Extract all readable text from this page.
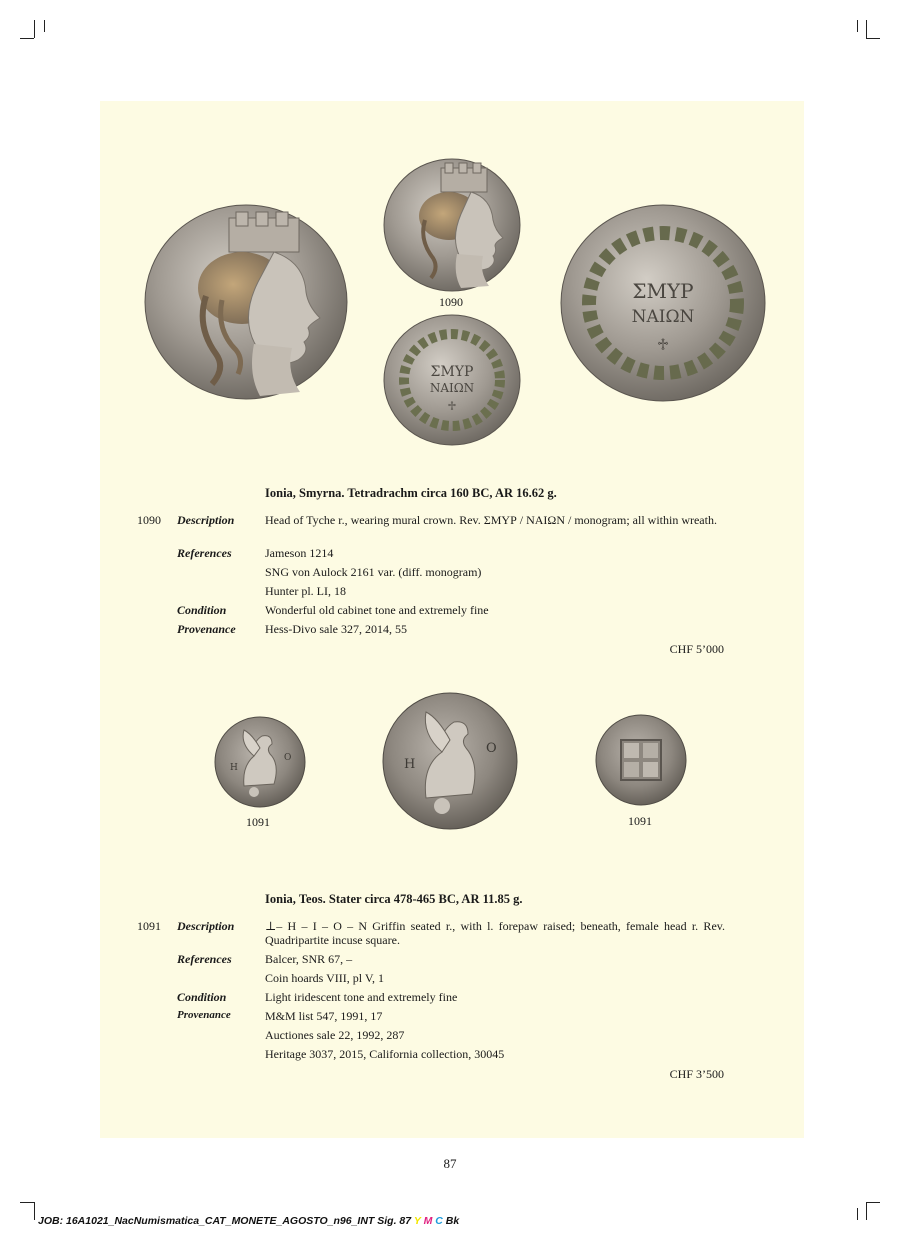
1090
ΣΜΥΡ
ΝΑΙΩΝ
♱
ΣΜΥΡ
ΝΑΙΩΝ
♱
Ionia, Smyrna. Tetradrachm circa 160 BC, AR 16.62 g.
1090 Description	Head of Tyche r., wearing mural crown. Rev. ΣΜΥΡ / ΝΑΙΩΝ / monogram; all within wreath.
References	Jameson 1214
SNG von Aulock 2161 var. (diff. monogram)
Hunter pl. LI, 18
Condition	Wonderful old cabinet tone and extremely fine
Provenance Hess-Divo sale 327, 2014, 55
CHF 5’000
O
H
O
H
1091	1091
Ionia, Teos. Stater circa 478-465 BC, AR 11.85 g.
1091 Description	⊥– H – I – O – N Griffin seated r., with l. forepaw raised; beneath, female head r. Rev. Quadripartite incuse square.
References	Balcer, SNR 67, –
Coin hoards VIII, pl V, 1
Condition	Light iridescent tone and extremely fine
Provenance	M&M list 547, 1991, 17
Auctiones sale 22, 1992, 287
Heritage 3037, 2015, California collection, 30045
CHF 3’500
87
JOB: 16A1021_NacNumismatica_CAT_MONETE_AGOSTO_n96_INT Sig. 87 Y M C Bk
